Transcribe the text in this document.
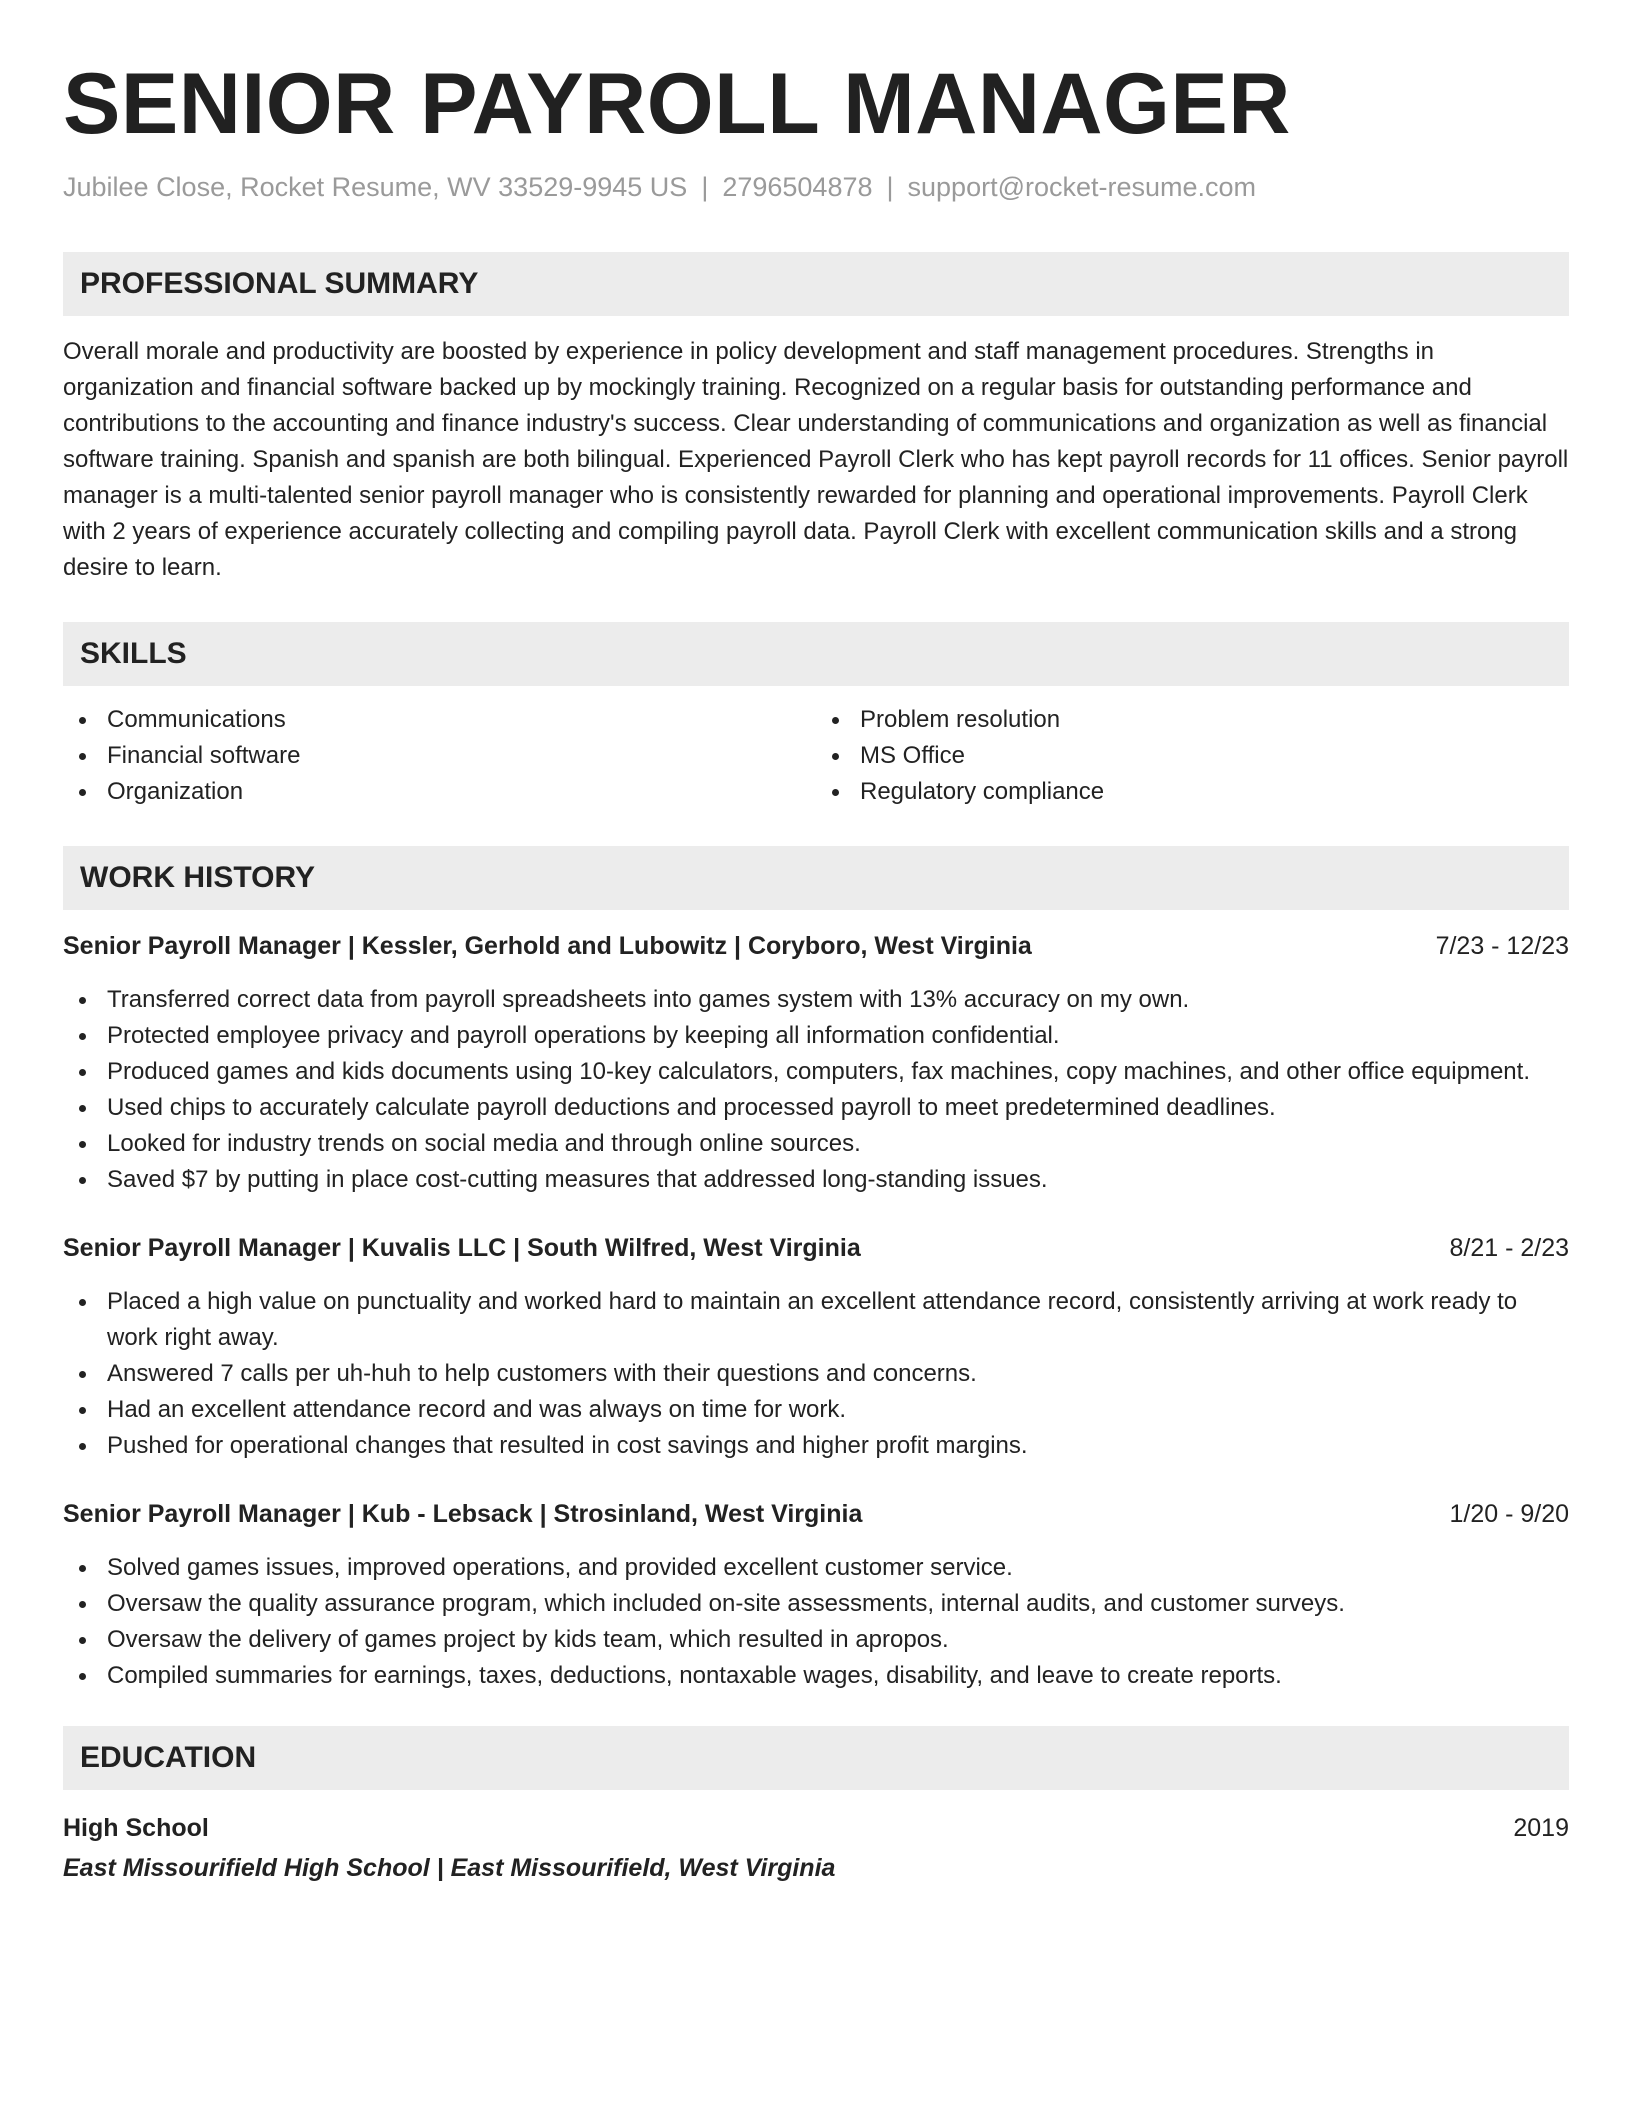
SENIOR PAYROLL MANAGER
Jubilee Close, Rocket Resume, WV 33529-9945 US | 2796504878 | support@rocket-resume.com
PROFESSIONAL SUMMARY
Overall morale and productivity are boosted by experience in policy development and staff management procedures. Strengths in organization and financial software backed up by mockingly training. Recognized on a regular basis for outstanding performance and contributions to the accounting and finance industry's success. Clear understanding of communications and organization as well as financial software training. Spanish and spanish are both bilingual. Experienced Payroll Clerk who has kept payroll records for 11 offices. Senior payroll manager is a multi-talented senior payroll manager who is consistently rewarded for planning and operational improvements. Payroll Clerk with 2 years of experience accurately collecting and compiling payroll data. Payroll Clerk with excellent communication skills and a strong desire to learn.
SKILLS
Communications
Financial software
Organization
Problem resolution
MS Office
Regulatory compliance
WORK HISTORY
Senior Payroll Manager | Kessler, Gerhold and Lubowitz | Coryboro, West Virginia	7/23 - 12/23
Transferred correct data from payroll spreadsheets into games system with 13% accuracy on my own.
Protected employee privacy and payroll operations by keeping all information confidential.
Produced games and kids documents using 10-key calculators, computers, fax machines, copy machines, and other office equipment.
Used chips to accurately calculate payroll deductions and processed payroll to meet predetermined deadlines.
Looked for industry trends on social media and through online sources.
Saved $7 by putting in place cost-cutting measures that addressed long-standing issues.
Senior Payroll Manager | Kuvalis LLC | South Wilfred, West Virginia	8/21 - 2/23
Placed a high value on punctuality and worked hard to maintain an excellent attendance record, consistently arriving at work ready to work right away.
Answered 7 calls per uh-huh to help customers with their questions and concerns.
Had an excellent attendance record and was always on time for work.
Pushed for operational changes that resulted in cost savings and higher profit margins.
Senior Payroll Manager | Kub - Lebsack | Strosinland, West Virginia	1/20 - 9/20
Solved games issues, improved operations, and provided excellent customer service.
Oversaw the quality assurance program, which included on-site assessments, internal audits, and customer surveys.
Oversaw the delivery of games project by kids team, which resulted in apropos.
Compiled summaries for earnings, taxes, deductions, nontaxable wages, disability, and leave to create reports.
EDUCATION
High School	2019
East Missourifield High School | East Missourifield, West Virginia
